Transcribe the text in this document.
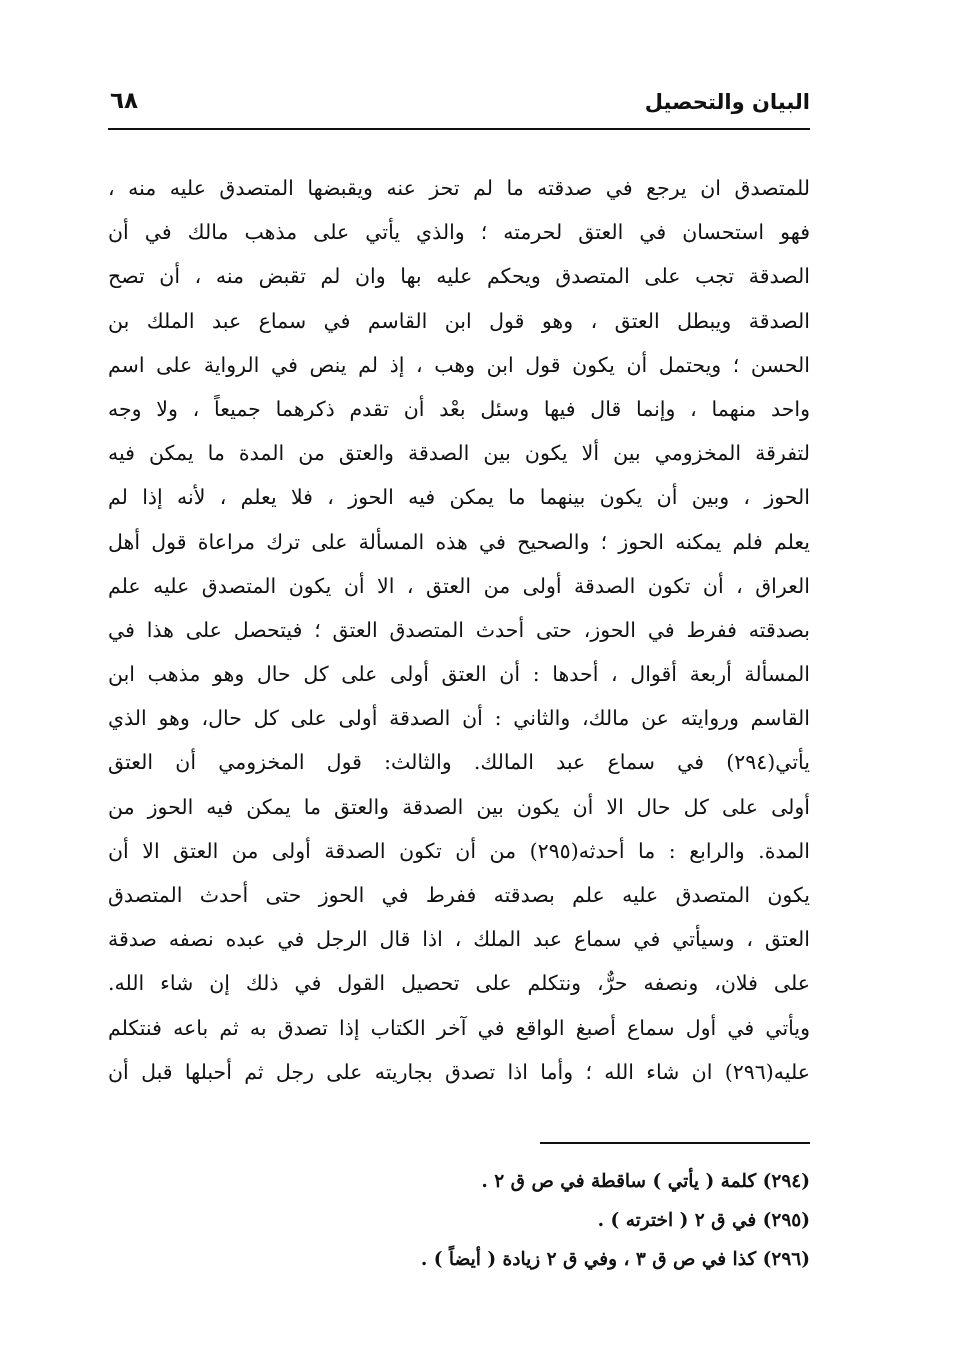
البيان والتحصيل
٦٨
للمتصدق ان يرجع في صدقته ما لم تحز عنه ويقبضها المتصدق عليه منه ،
فهو استحسان في العتق لحرمته ؛ والذي يأتي على مذهب مالك في أن
الصدقة تجب على المتصدق ويحكم عليه بها وان لم تقبض منه ، أن تصح
الصدقة ويبطل العتق ، وهو قول ابن القاسم في سماع عبد الملك بن
الحسن ؛ ويحتمل أن يكون قول ابن وهب ، إذ لم ينص في الرواية على اسم
واحد منهما ، وإنما قال فيها وسئل بعْد أن تقدم ذكرهما جميعاً ، ولا وجه
لتفرقة المخزومي بين ألا يكون بين الصدقة والعتق من المدة ما يمكن فيه
الحوز ، وبين أن يكون بينهما ما يمكن فيه الحوز ، فلا يعلم ، لأنه إذا لم
يعلم فلم يمكنه الحوز ؛ والصحيح في هذه المسألة على ترك مراعاة قول أهل
العراق ، أن تكون الصدقة أولى من العتق ، الا أن يكون المتصدق عليه علم
بصدقته ففرط في الحوز، حتى أحدث المتصدق العتق ؛ فيتحصل على هذا في
المسألة أربعة أقوال ، أحدها : أن العتق أولى على كل حال وهو مذهب ابن
القاسم وروايته عن مالك، والثاني : أن الصدقة أولى على كل حال، وهو الذي
يأتي(٢٩٤) في سماع عبد المالك. والثالث: قول المخزومي أن العتق
أولى على كل حال الا أن يكون بين الصدقة والعتق ما يمكن فيه الحوز من
المدة. والرابع : ما أحدثه(٢٩٥) من أن تكون الصدقة أولى من العتق الا أن
يكون المتصدق عليه علم بصدقته ففرط في الحوز حتى أحدث المتصدق
العتق ، وسيأتي في سماع عبد الملك ، اذا قال الرجل في عبده نصفه صدقة
على فلان، ونصفه حرٌّ، ونتكلم على تحصيل القول في ذلك إن شاء الله.
ويأتي في أول سماع أصبغ الواقع في آخر الكتاب إذا تصدق به ثم باعه فنتكلم
عليه(٢٩٦) ان شاء الله ؛ وأما اذا تصدق بجاريته على رجل ثم أحبلها قبل أن
(٢٩٤) كلمة ( يأتي ) ساقطة في ص ق ٢ .
(٢٩٥) في ق ٢ ( اخترته ) .
(٢٩٦) كذا في ص ق ٣ ، وفي ق ٢ زيادة ( أيضاً ) .
